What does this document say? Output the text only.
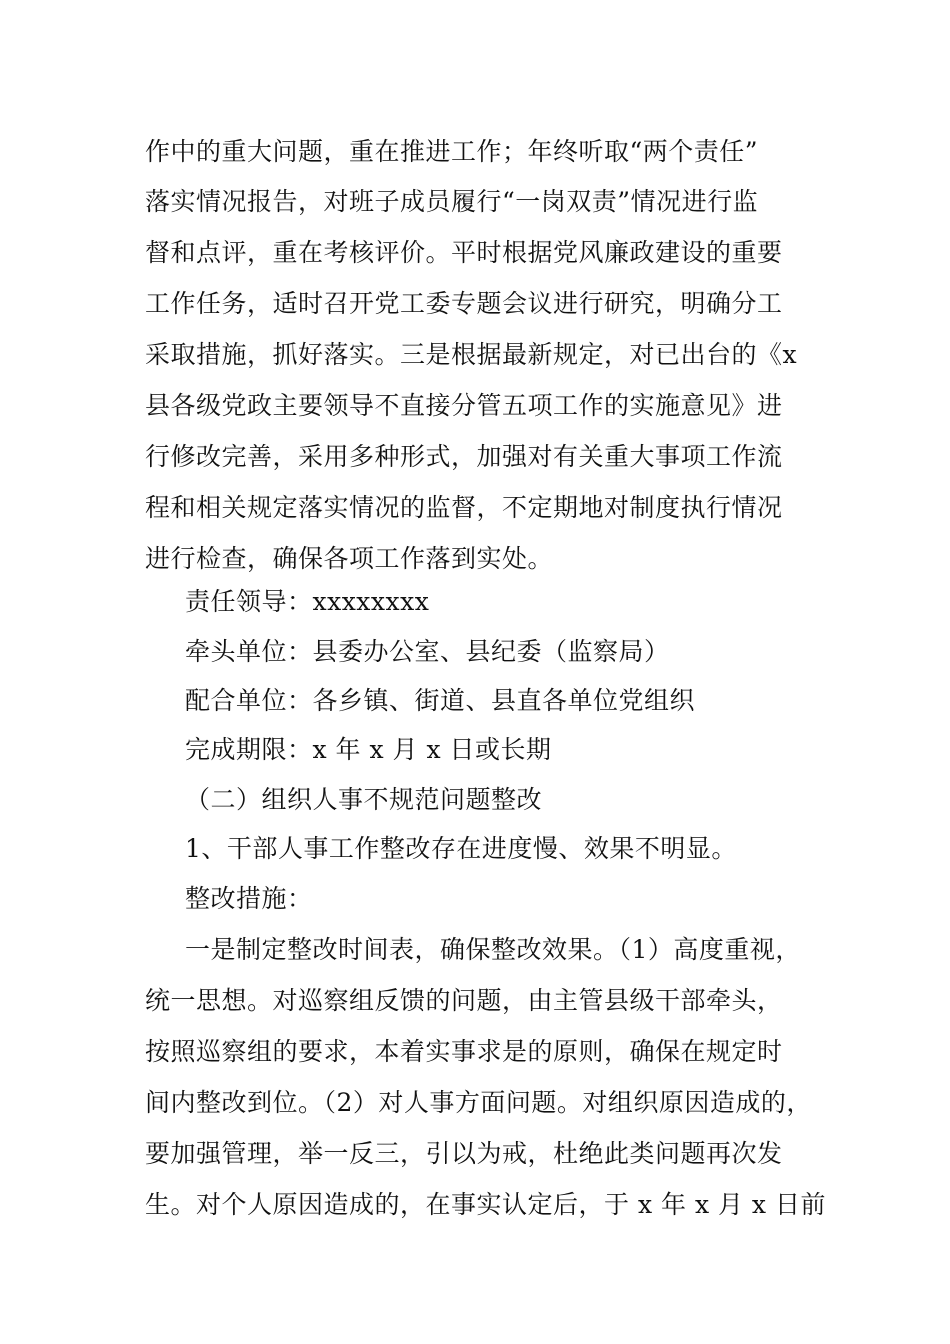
作中的重大问题，重在推进工作；年终听取“两个责任”
落实情况报告，对班子成员履行“一岗双责”情况进行监
督和点评，重在考核评价。平时根据党风廉政建设的重要
工作任务，适时召开党工委专题会议进行研究，明确分工
采取措施，抓好落实。三是根据最新规定，对已出台的《x
县各级党政主要领导不直接分管五项工作的实施意见》进
行修改完善，采用多种形式，加强对有关重大事项工作流
程和相关规定落实情况的监督，不定期地对制度执行情况
进行检查，确保各项工作落到实处。
责任领导：xxxxxxxx
牵头单位：县委办公室、县纪委（监察局）
配合单位：各乡镇、街道、县直各单位党组织
完成期限：x 年 x 月 x 日或长期
（二）组织人事不规范问题整改
1、干部人事工作整改存在进度慢、效果不明显。
整改措施：
一是制定整改时间表，确保整改效果。（1）高度重视，
统一思想。对巡察组反馈的问题，由主管县级干部牵头，
按照巡察组的要求，本着实事求是的原则，确保在规定时
间内整改到位。（2）对人事方面问题。对组织原因造成的，
要加强管理，举一反三，引以为戒，杜绝此类问题再次发
生。对个人原因造成的，在事实认定后，于 x 年 x 月 x 日前
